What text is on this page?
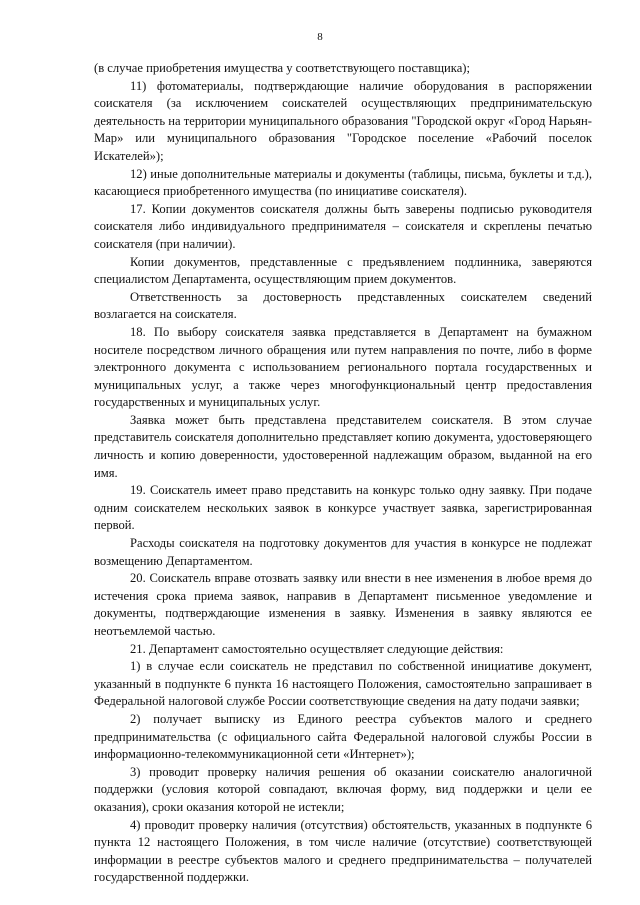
8

(в случае приобретения имущества у соответствующего поставщика);

11) фотоматериалы, подтверждающие наличие оборудования в распоряжении соискателя (за исключением соискателей осуществляющих предпринимательскую деятельность на территории муниципального образования "Городской округ «Город Нарьян-Мар» или муниципального образования "Городское поселение «Рабочий поселок Искателей»);

12) иные дополнительные материалы и документы (таблицы, письма, буклеты и т.д.), касающиеся приобретенного имущества (по инициативе соискателя).

17. Копии документов соискателя должны быть заверены подписью руководителя соискателя либо индивидуального предпринимателя – соискателя и скреплены печатью соискателя (при наличии).

Копии документов, представленные с предъявлением подлинника, заверяются специалистом Департамента, осуществляющим прием документов.

Ответственность за достоверность представленных соискателем сведений возлагается на соискателя.

18. По выбору соискателя заявка представляется в Департамент на бумажном носителе посредством личного обращения или путем направления по почте, либо в форме электронного документа с использованием регионального портала государственных и муниципальных услуг, а также через многофункциональный центр предоставления государственных и муниципальных услуг.

Заявка может быть представлена представителем соискателя. В этом случае представитель соискателя дополнительно представляет копию документа, удостоверяющего личность и копию доверенности, удостоверенной надлежащим образом, выданной на его имя.

19. Соискатель имеет право представить на конкурс только одну заявку. При подаче одним соискателем нескольких заявок в конкурсе участвует заявка, зарегистрированная первой.

Расходы соискателя на подготовку документов для участия в конкурсе не подлежат возмещению Департаментом.

20. Соискатель вправе отозвать заявку или внести в нее изменения в любое время до истечения срока приема заявок, направив в Департамент письменное уведомление и документы, подтверждающие изменения в заявку. Изменения в заявку являются ее неотъемлемой частью.

21. Департамент самостоятельно осуществляет следующие действия:

1) в случае если соискатель не представил по собственной инициативе документ, указанный в подпункте 6 пункта 16 настоящего Положения, самостоятельно запрашивает в Федеральной налоговой службе России соответствующие сведения на дату подачи заявки;

2) получает выписку из Единого реестра субъектов малого и среднего предпринимательства (с официального сайта Федеральной налоговой службы России в информационно-телекоммуникационной сети «Интернет»);

3) проводит проверку наличия решения об оказании соискателю аналогичной поддержки (условия которой совпадают, включая форму, вид поддержки и цели ее оказания), сроки оказания которой не истекли;

4) проводит проверку наличия (отсутствия) обстоятельств, указанных в подпункте 6 пункта 12 настоящего Положения, в том числе наличие (отсутствие) соответствующей информации в реестре субъектов малого и среднего предпринимательства – получателей государственной поддержки.
